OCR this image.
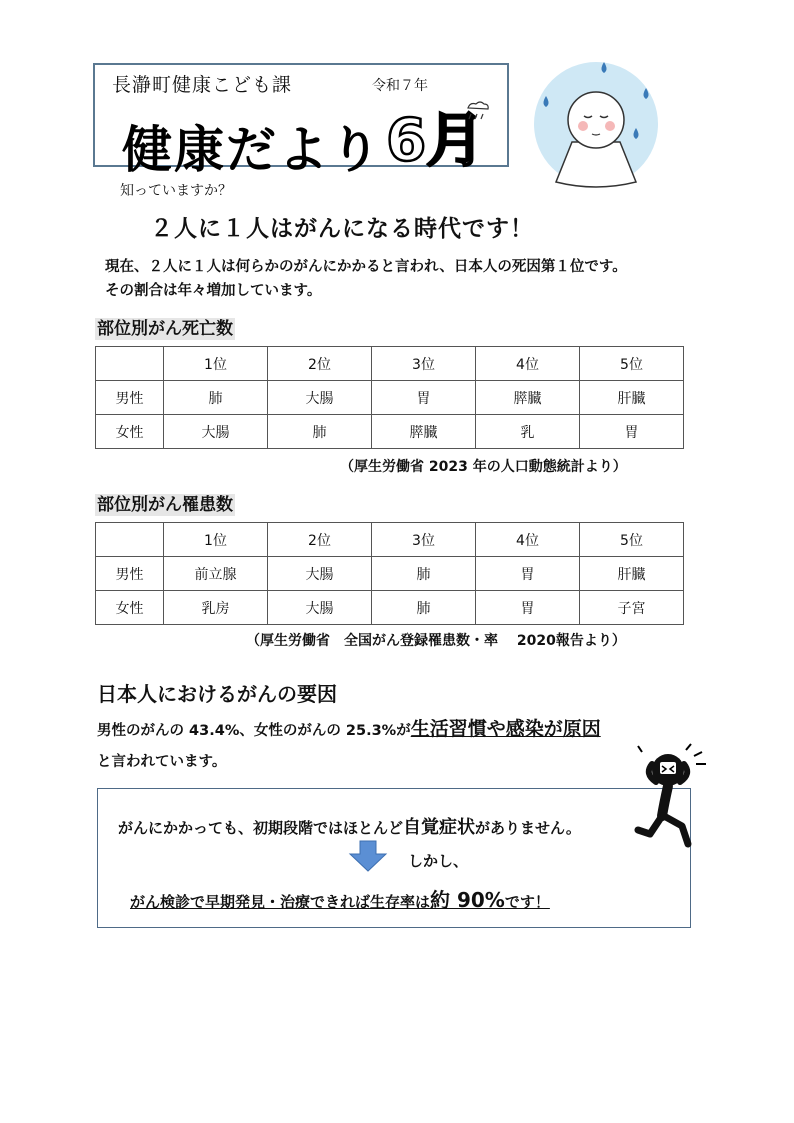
長瀞町健康こども課	令和７年
健康だより 6月
知っていますか？
２人に１人はがんになる時代です！
現在、２人に１人は何らかのがんにかかると言われ、日本人の死因第１位です。
その割合は年々増加しています。
部位別がん死亡数
	1位	2位	3位	4位	5位
男性	肺	大腸	胃	膵臓	肝臓
女性	大腸	肺	膵臓	乳	胃
（厚生労働省 2023 年の人口動態統計より）
部位別がん罹患数
	1位	2位	3位	4位	5位
男性	前立腺	大腸	肺	胃	肝臓
女性	乳房	大腸	肺	胃	子宮
（厚生労働省　全国がん登録罹患数・率　 2020報告より）
日本人におけるがんの要因
男性のがんの 43.4%、女性のがんの 25.3%が生活習慣や感染が原因
と言われています。
がんにかかっても、初期段階ではほとんど自覚症状がありません。
しかし、
がん検診で早期発見・治療できれば生存率は約 90%です！
